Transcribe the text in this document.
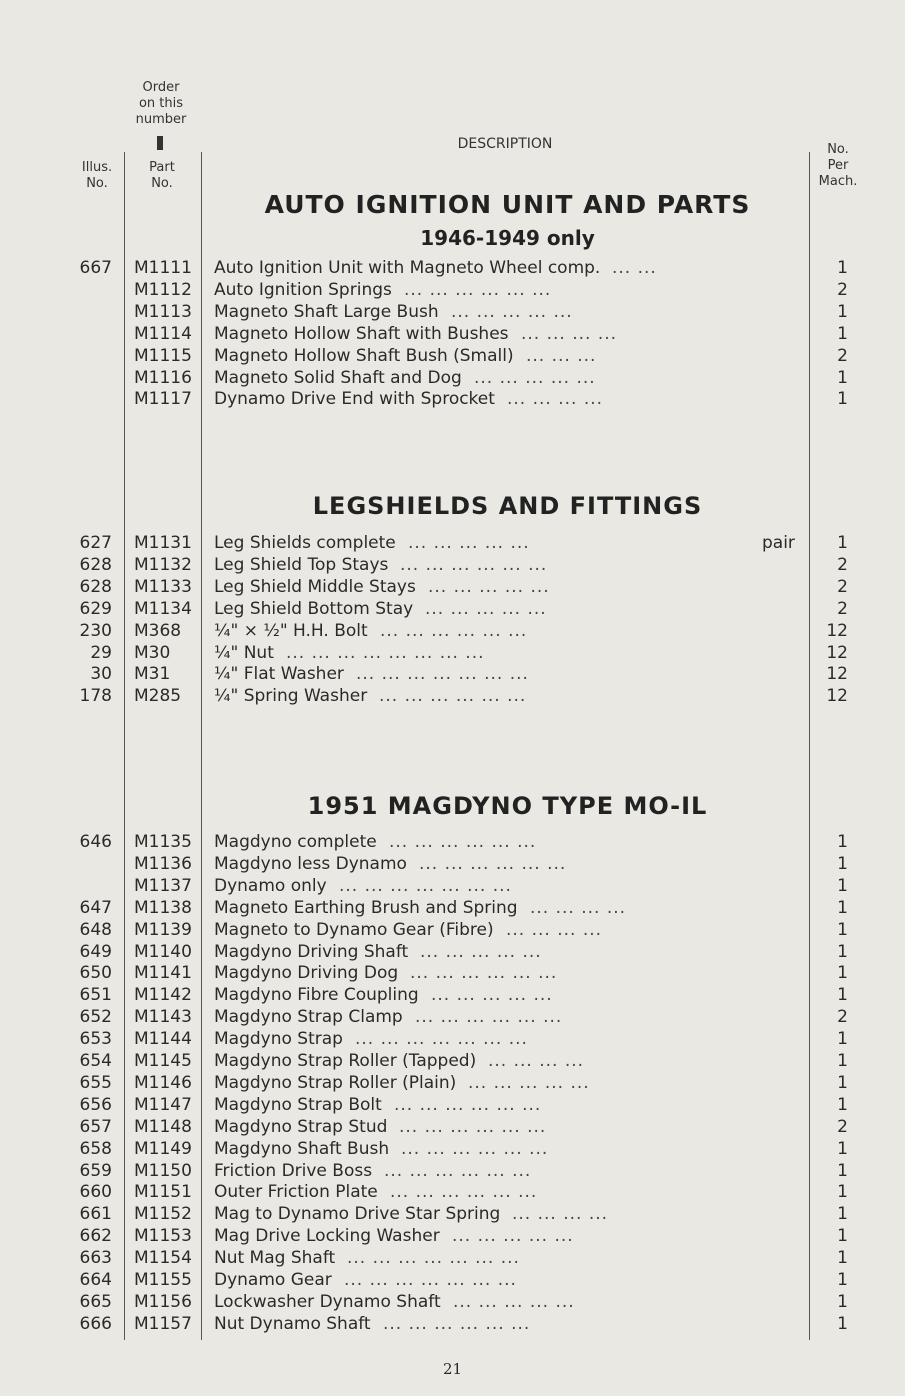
Order
on this
number
Illus.
No.
Part
No.
DESCRIPTION	No.
Per
Mach.
AUTO IGNITION UNIT AND PARTS
1946-1949 only
LEGSHIELDS AND FITTINGS
1951 MAGDYNO TYPE MO-IL
667 M1111 Auto Ignition Unit with Magneto Wheel comp. ... ...	1
M1112 Auto Ignition Springs ... ... ... ... ... ...	2
M1113 Magneto Shaft Large Bush ... ... ... ... ...	1
M1114 Magneto Hollow Shaft with Bushes ... ... ... ...	1
M1115 Magneto Hollow Shaft Bush (Small) ... ... ...	2
M1116 Magneto Solid Shaft and Dog ... ... ... ... ...	1
M1117 Dynamo Drive End with Sprocket ... ... ... ...	1
627 M1131 Leg Shields complete ... ... ... ... ...	pair	1
628 M1132 Leg Shield Top Stays ... ... ... ... ... ...	2
628 M1133 Leg Shield Middle Stays ... ... ... ... ...	2
629 M1134 Leg Shield Bottom Stay ... ... ... ... ...	2
230 M368 ¼" × ½" H.H. Bolt ... ... ... ... ... ...	12
29 M30	¼" Nut ... ... ... ... ... ... ... ...	12
30 M31	¼" Flat Washer ... ... ... ... ... ... ...	12
178 M285 ¼" Spring Washer ... ... ... ... ... ...	12
646 M1135 Magdyno complete ... ... ... ... ... ...	1
M1136 Magdyno less Dynamo ... ... ... ... ... ...	1
M1137 Dynamo only ... ... ... ... ... ... ...	1
647 M1138 Magneto Earthing Brush and Spring ... ... ... ...	1
648 M1139 Magneto to Dynamo Gear (Fibre) ... ... ... ...	1
649 M1140 Magdyno Driving Shaft ... ... ... ... ...	1
650 M1141 Magdyno Driving Dog ... ... ... ... ... ...	1
651 M1142 Magdyno Fibre Coupling ... ... ... ... ...	1
652 M1143 Magdyno Strap Clamp ... ... ... ... ... ...	2
653 M1144 Magdyno Strap ... ... ... ... ... ... ...	1
654 M1145 Magdyno Strap Roller (Tapped) ... ... ... ...	1
655 M1146 Magdyno Strap Roller (Plain) ... ... ... ... ...	1
656 M1147 Magdyno Strap Bolt ... ... ... ... ... ...	1
657 M1148 Magdyno Strap Stud ... ... ... ... ... ...	2
658 M1149 Magdyno Shaft Bush ... ... ... ... ... ...	1
659 M1150 Friction Drive Boss ... ... ... ... ... ...	1
660 M1151 Outer Friction Plate ... ... ... ... ... ...	1
661 M1152 Mag to Dynamo Drive Star Spring ... ... ... ...	1
662 M1153 Mag Drive Locking Washer ... ... ... ... ...	1
663 M1154 Nut Mag Shaft ... ... ... ... ... ... ...	1
664 M1155 Dynamo Gear ... ... ... ... ... ... ...	1
665 M1156 Lockwasher Dynamo Shaft ... ... ... ... ...	1
666 M1157 Nut Dynamo Shaft ... ... ... ... ... ...	1
21
